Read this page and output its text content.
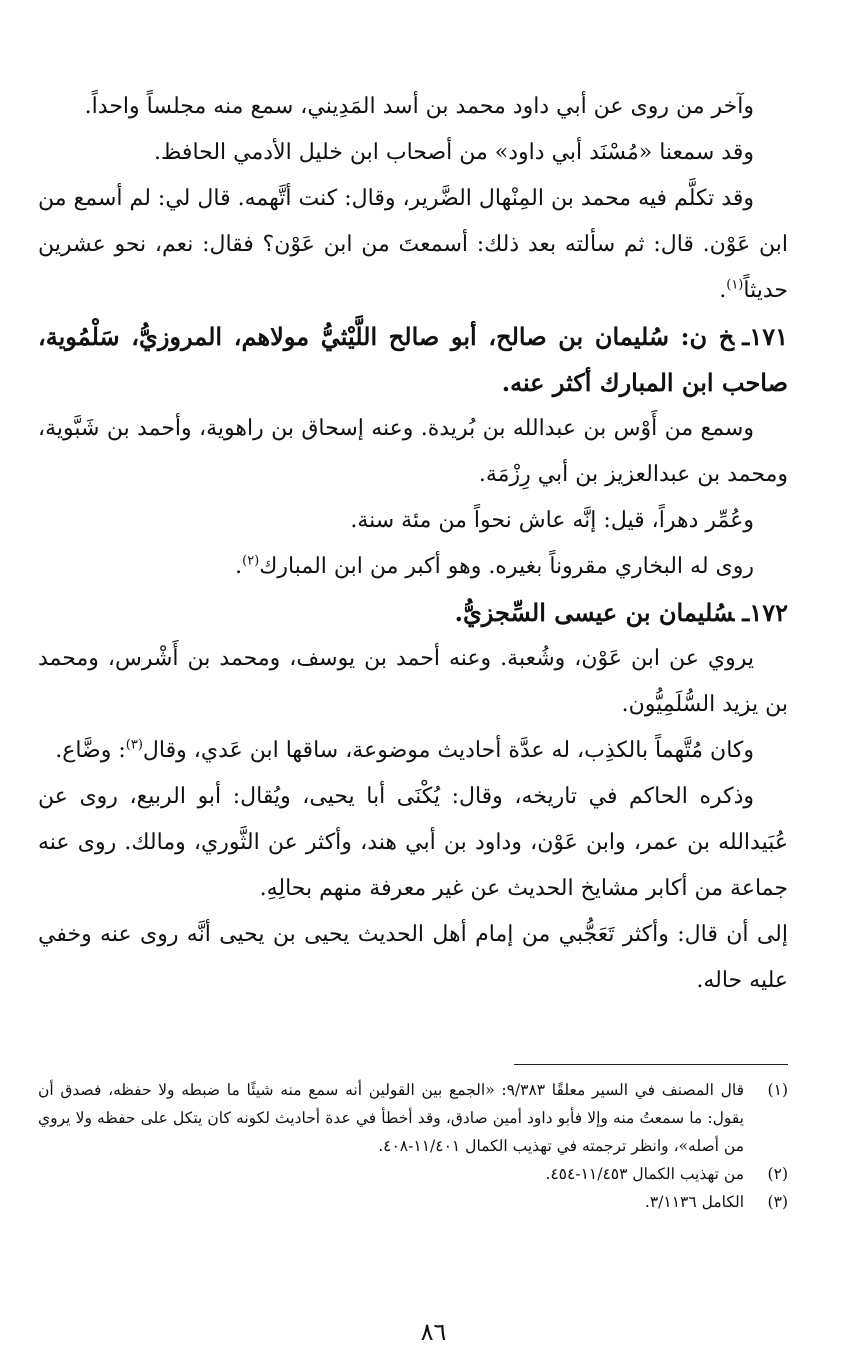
وآخر من روى عن أبي داود محمد بن أسد المَدِيني، سمع منه مجلساً واحداً.

وقد سمعنا «مُسْنَد أبي داود» من أصحاب ابن خليل الأدمي الحافظ.

وقد تكلَّم فيه محمد بن المِنْهال الضَّرير، وقال: كنت أتَّهمه. قال لي: لم أسمع من ابن عَوْن. قال: ثم سألته بعد ذلك: أسمعتَ من ابن عَوْن؟ فقال: نعم، نحو عشرين حديثاً$^{(١)}$.

١٧١ـخ ن: سُليمان بن صالح، أبو صالح اللَّيْثيُّ مولاهم، المروزيُّ، سَلْمُوية، صاحب ابن المبارك أكثر عنه.

وسمع من أَوْس بن عبدالله بن بُريدة. وعنه إسحاق بن راهوية، وأحمد بن شَبَّوية، ومحمد بن عبدالعزيز بن أبي رِزْمَة.

وعُمِّر دهراً، قيل: إنَّه عاش نحواً من مئة سنة.

روى له البخاري مقروناً بغيره. وهو أكبر من ابن المبارك$^{(٢)}$.

١٧٢ـسُليمان بن عيسى السِّجزيُّ.

يروي عن ابن عَوْن، وشُعبة. وعنه أحمد بن يوسف، ومحمد بن أَشْرس، ومحمد بن يزيد السُّلَمِيُّون.

وكان مُتَّهماً بالكذِب، له عدَّة أحاديث موضوعة، ساقها ابن عَدي، وقال$^{(٣)}$: وضَّاع.

وذكره الحاكم في تاريخه، وقال: يُكْنَى أبا يحيى، ويُقال: أبو الربيع، روى عن عُبَيدالله بن عمر، وابن عَوْن، وداود بن أبي هند، وأكثر عن الثَّوري، ومالك. روى عنه جماعة من أكابر مشايخ الحديث عن غير معرفة منهم بحالِهِ.

إلى أن قال: وأكثر تَعَجُّبي من إمام أهل الحديث يحيى بن يحيى أنَّه روى عنه وخفي عليه حاله.

(١)
قال المصنف في السير معلقًا ٩/٣٨٣: «الجمع بين القولين أنه سمع منه شيئًا ما ضبطه ولا حفظه، فصدق أن يقول: ما سمعتُ منه وإلا فأبو داود أمين صادق، وقد أخطأ في عدة أحاديث لكونه كان يتكل على حفظه ولا يروي من أصله»، وانظر ترجمته في تهذيب الكمال ١١/٤٠١-٤٠٨.
(٢)
من تهذيب الكمال ١١/٤٥٣-٤٥٤.
(٣)
الكامل ٣/١١٣٦.
٨٦
